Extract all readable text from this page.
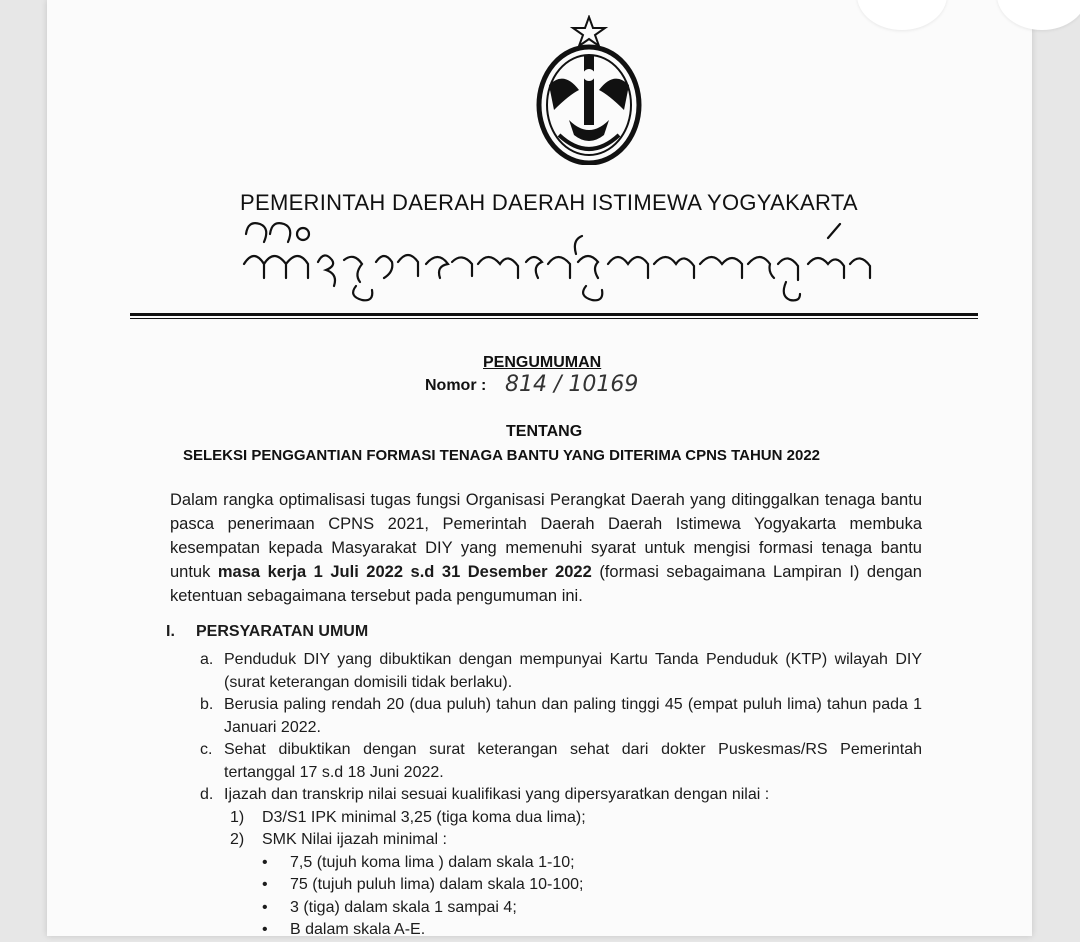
PEMERINTAH DAERAH DAERAH ISTIMEWA YOGYAKARTA
PENGUMUMAN
Nomor : 814 / 10169
TENTANG
SELEKSI PENGGANTIAN FORMASI TENAGA BANTU YANG DITERIMA CPNS TAHUN 2022
Dalam rangka optimalisasi tugas fungsi Organisasi Perangkat Daerah yang ditinggalkan tenaga bantu pasca penerimaan CPNS 2021, Pemerintah Daerah Daerah Istimewa Yogyakarta membuka kesempatan kepada Masyarakat DIY yang memenuhi syarat untuk mengisi formasi tenaga bantu untuk masa kerja 1 Juli 2022 s.d 31 Desember 2022 (formasi sebagaimana Lampiran I) dengan ketentuan sebagaimana tersebut pada pengumuman ini.
I. PERSYARATAN UMUM
a. Penduduk DIY yang dibuktikan dengan mempunyai Kartu Tanda Penduduk (KTP) wilayah DIY (surat keterangan domisili tidak berlaku).
b. Berusia paling rendah 20 (dua puluh) tahun dan paling tinggi 45 (empat puluh lima) tahun pada 1 Januari 2022.
c. Sehat dibuktikan dengan surat keterangan sehat dari dokter Puskesmas/RS Pemerintah tertanggal 17 s.d 18 Juni 2022.
d. Ijazah dan transkrip nilai sesuai kualifikasi yang dipersyaratkan dengan nilai :
1) D3/S1 IPK minimal 3,25 (tiga koma dua lima);
2) SMK Nilai ijazah minimal :
• 7,5 (tujuh koma lima ) dalam skala 1-10;
• 75 (tujuh puluh lima) dalam skala 10-100;
• 3 (tiga) dalam skala 1 sampai 4;
• B dalam skala A-E.
